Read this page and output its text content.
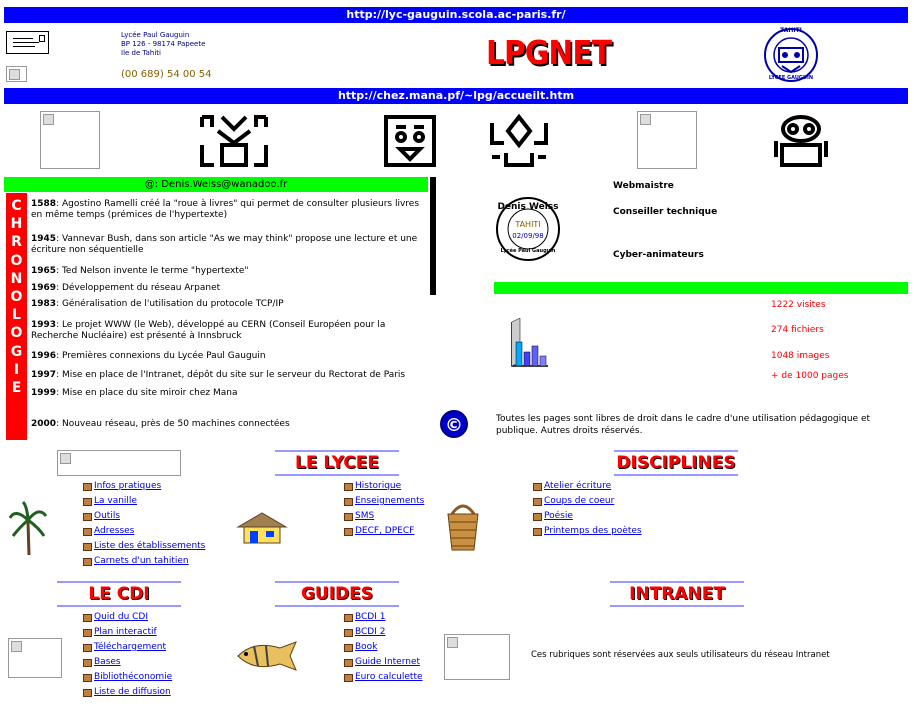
http://lyc-gauguin.scola.ac-paris.fr/
Lycée Paul Gauguin
BP 126 - 98174 Papeete
Ile de Tahiti
(00 689) 54 00 54
LPGNET
TAHITI
LYCEE GAUGUIN
http://chez.mana.pf/~lpg/accueilt.htm
@: Denis.Weiss@wanadoo.fr
C
H
R
O
N
O
L
O
G
I
E
1588: Agostino Ramelli créé la "roue à livres" qui permet de consulter plusieurs livres en même temps (prémices de l'hypertexte)
1945: Vannevar Bush, dans son article "As we may think" propose une lecture et une écriture non séquentielle
1965: Ted Nelson invente le terme "hypertexte"
1969: Développement du réseau Arpanet
1983: Généralisation de l'utilisation du protocole TCP/IP
1993: Le projet WWW (le Web), développé au CERN (Conseil Européen pour la Recherche Nucléaire) est présenté à Innsbruck
1996: Premières connexions du Lycée Paul Gauguin
1997: Mise en place de l'Intranet, dépôt du site sur le serveur du Rectorat de Paris
1999: Mise en place du site miroir chez Mana
2000: Nouveau réseau, près de 50 machines connectées
Denis Weiss
TAHITI
02/09/98
Lycée Paul Gauguin
Webmaistre
Conseiller technique
Cyber-animateurs
1222 visites
274 fichiers
1048 images
+ de 1000 pages
©	Toutes les pages sont libres de droit dans le cadre d'une utilisation pédagogique et publique. Autres droits réservés.
Infos pratiques
La vanille
Outils
Adresses
Liste des établissements
Carnets d'un tahitien
LE LYCEE
Historique
Enseignements
SMS
DECF, DPECF
DISCIPLINES
Atelier écriture
Coups de coeur
Poésie
Printemps des poètes
LE CDI
Quid du CDI
Plan interactif
Téléchargement
Bases
Bibliothéconomie
Liste de diffusion
GUIDES
BCDI 1
BCDI 2
Book
Guide Internet
Euro calculette
INTRANET
Ces rubriques sont réservées aux seuls utilisateurs du réseau Intranet
